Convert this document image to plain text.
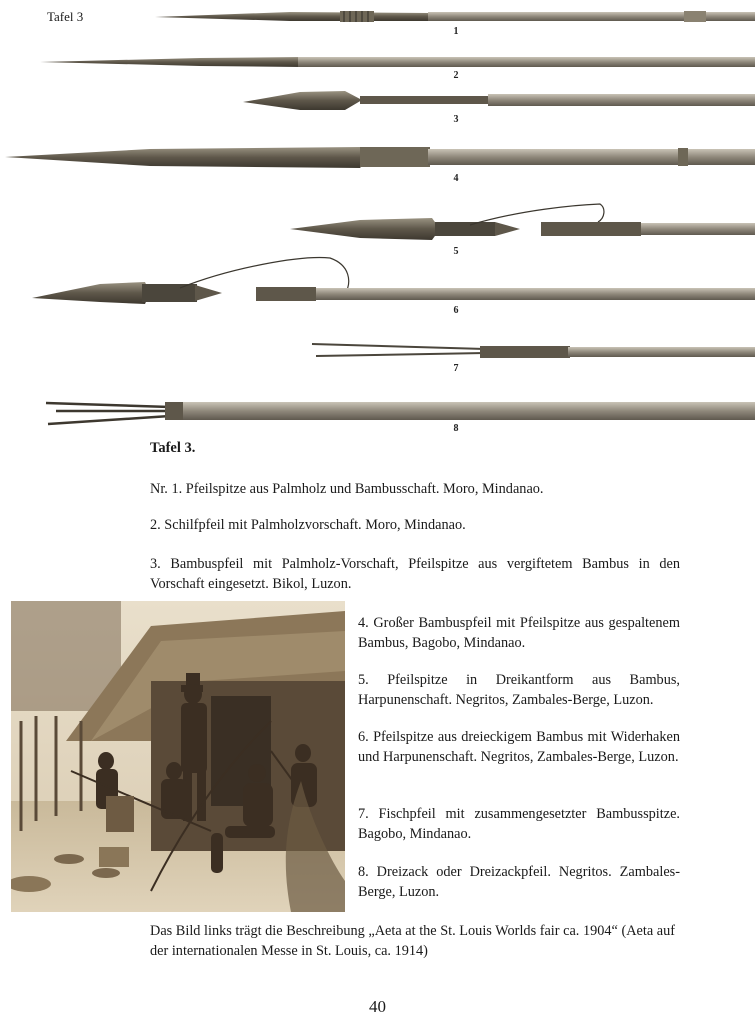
Tafel 3
1
2
3
4
5
6
7
8
Tafel 3.

Nr. 1. Pfeilspitze aus Palmholz und Bambusschaft. Moro, Mindanao.

2. Schilfpfeil mit Palmholzvorschaft. Moro, Mindanao.

3. Bambuspfeil mit Palmholz-Vorschaft, Pfeilspitze aus vergiftetem Bambus in den Vorschaft eingesetzt. Bikol, Luzon.

4. Großer Bambuspfeil mit Pfeilspitze aus gespaltenem Bambus, Bagobo, Mindanao.

5. Pfeilspitze in Dreikantform aus Bambus, Harpunenschaft. Negritos, Zambales-Berge, Luzon.

6. Pfeilspitze aus dreieckigem Bambus mit Widerhaken und Harpunenschaft. Negritos, Zambales-Berge, Luzon.

7. Fischpfeil mit zusammengesetzter Bambusspitze. Bagobo, Mindanao.

8. Dreizack oder Dreizackpfeil. Negritos. Zambales-Berge, Luzon.

Das Bild links trägt die Beschreibung „Aeta at the St. Louis Worlds fair ca. 1904“ (Aeta auf der internationalen Messe in St. Louis, ca. 1914)

40
